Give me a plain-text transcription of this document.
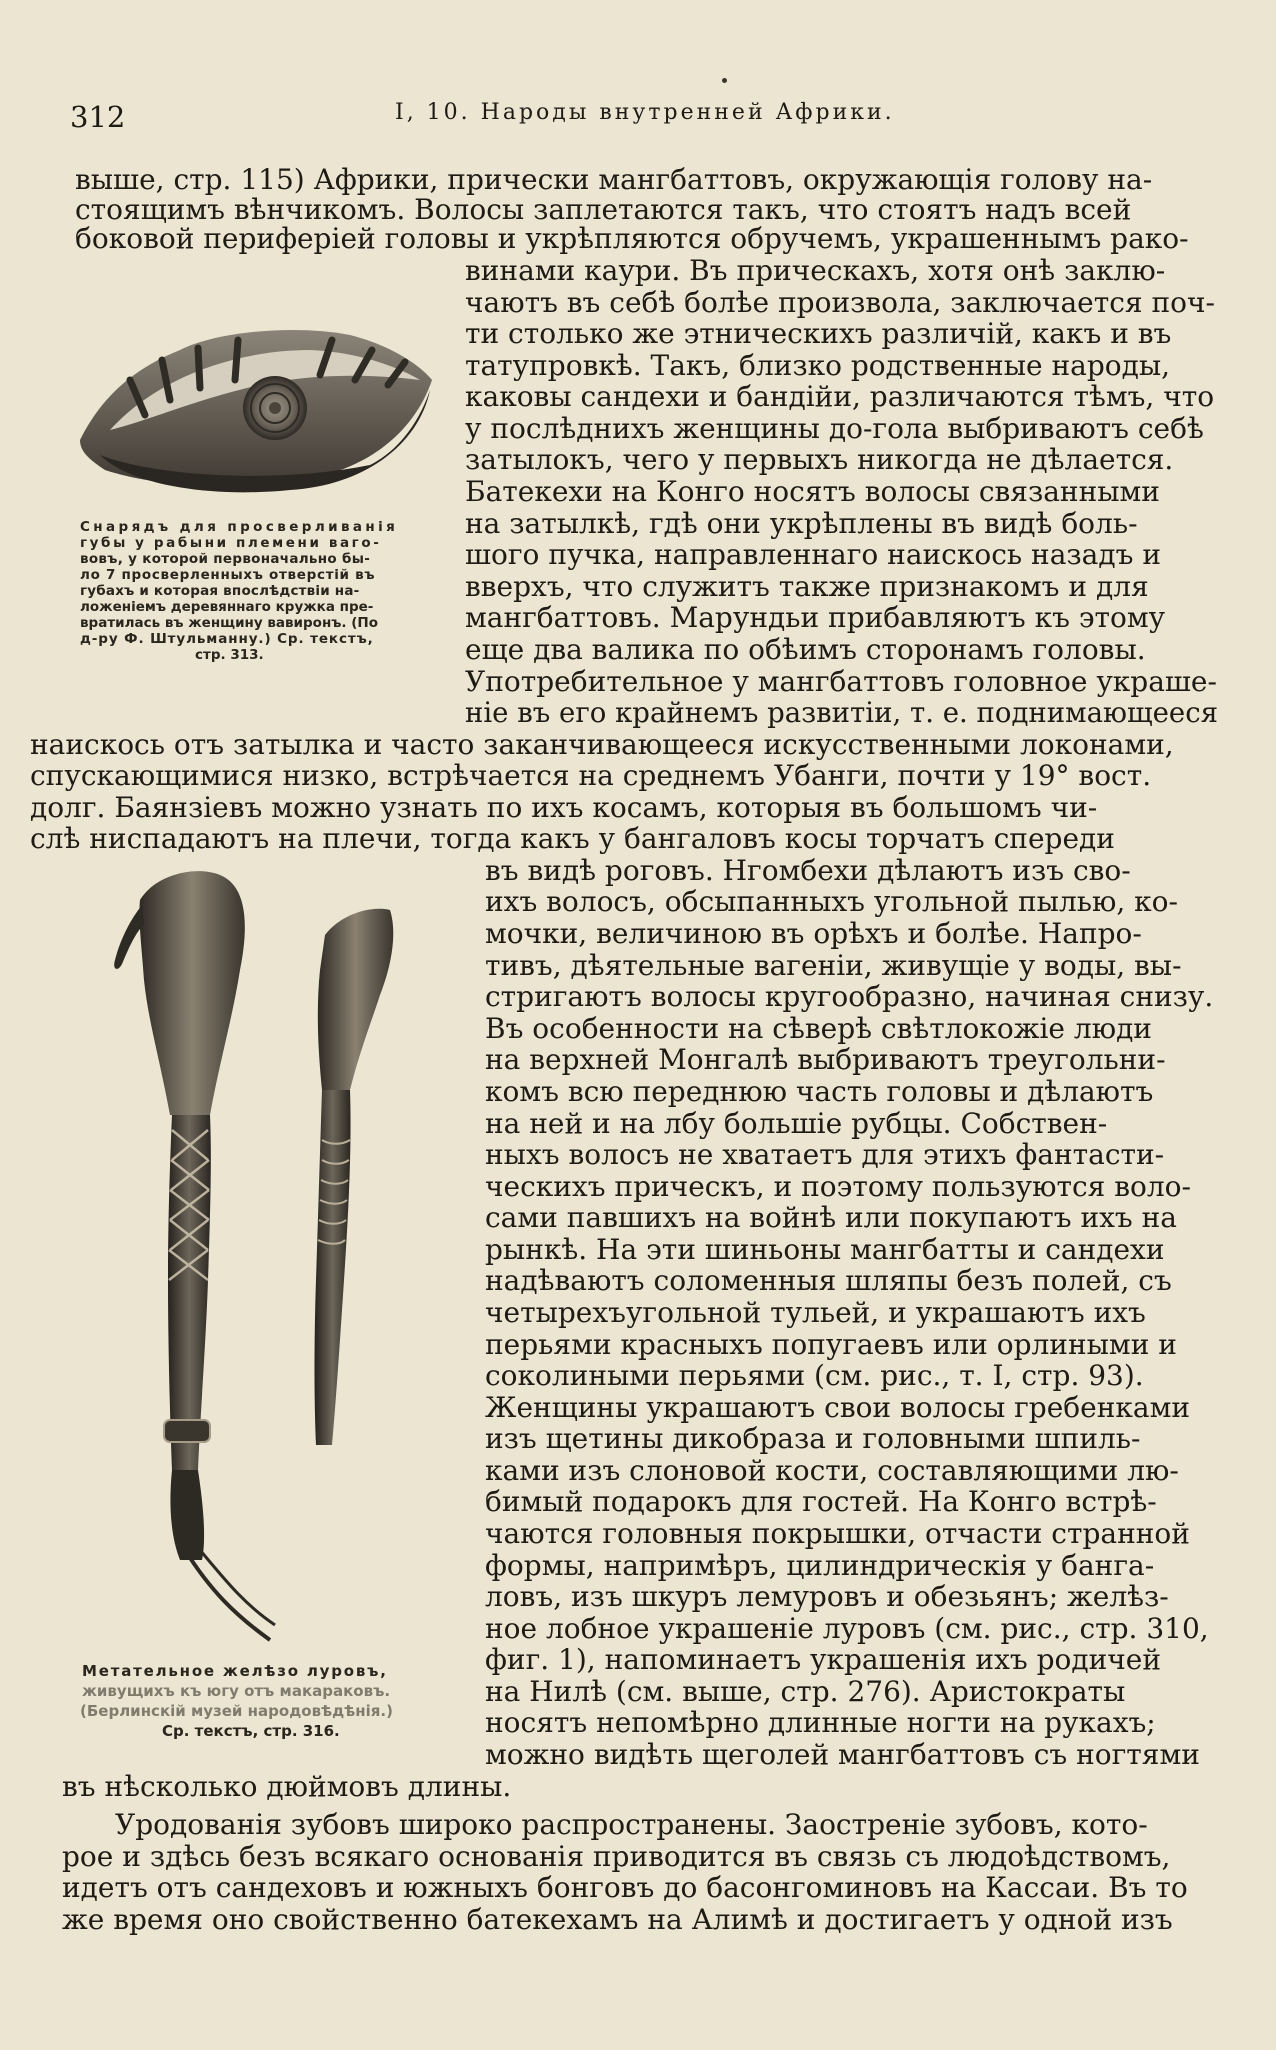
312	I, 10. Народы внутренней Африки.
Снарядъ для просверливанія
губы у рабыни племени ваго-
вовъ, у которой первоначально бы-
ло 7 просверленныхъ отверстій въ
губахъ и которая впослѣдствіи на-
ложеніемъ деревяннаго кружка пре-
вратилась въ женщину вавиронъ. (По
д-ру Ф. Штульманну.) Ср. текстъ,
стр. 313.
Метательное желѣзо луровъ,
живущихъ къ югу отъ макараковъ.
(Берлинскій музей народовѣдѣнія.)
Ср. текстъ, стр. 316.
выше, стр. 115) Африки, прически мангбаттовъ, окружающія голову на-
стоящимъ вѣнчикомъ. Волосы заплетаются такъ, что стоятъ надъ всей
боковой периферіей головы и укрѣпляются обручемъ, украшеннымъ рако-
винами каури. Въ прическахъ, хотя онѣ заклю-
чаютъ въ себѣ болѣе произвола, заключается поч-
ти столько же этническихъ различій, какъ и въ
татупровкѣ. Такъ, близко родственные народы,
каковы сандехи и бандійи, различаются тѣмъ, что
у послѣднихъ женщины до-гола выбриваютъ себѣ
затылокъ, чего у первыхъ никогда не дѣлается.
Батекехи на Конго носятъ волосы связанными
на затылкѣ, гдѣ они укрѣплены въ видѣ боль-
шого пучка, направленнаго наискось назадъ и
вверхъ, что служитъ также признакомъ и для
мангбаттовъ. Марундьи прибавляютъ къ этому
еще два валика по обѣимъ сторонамъ головы.
Употребительное у мангбаттовъ головное украше-
ніе въ его крайнемъ развитіи, т. е. поднимающееся
наискось отъ затылка и часто заканчивающееся искусственными локонами,
спускающимися низко, встрѣчается на среднемъ Убанги, почти у 19° вост.
долг. Баянзіевъ можно узнать по ихъ косамъ, которыя въ большомъ чи-
слѣ ниспадаютъ на плечи, тогда какъ у бангаловъ косы торчатъ спереди
въ видѣ роговъ. Нгомбехи дѣлаютъ изъ сво-
ихъ волосъ, обсыпанныхъ угольной пылью, ко-
мочки, величиною въ орѣхъ и болѣе. Напро-
тивъ, дѣятельные вагеніи, живущіе у воды, вы-
стригаютъ волосы кругообразно, начиная снизу.
Въ особенности на сѣверѣ свѣтлокожіе люди
на верхней Монгалѣ выбриваютъ треугольни-
комъ всю переднюю часть головы и дѣлаютъ
на ней и на лбу большіе рубцы. Собствен-
ныхъ волосъ не хватаетъ для этихъ фантасти-
ческихъ прическъ, и поэтому пользуются воло-
сами павшихъ на войнѣ или покупаютъ ихъ на
рынкѣ. На эти шиньоны мангбатты и сандехи
надѣваютъ соломенныя шляпы безъ полей, съ
четырехъугольной тульей, и украшаютъ ихъ
перьями красныхъ попугаевъ или орлиными и
соколиными перьями (см. рис., т. I, стр. 93).
Женщины украшаютъ свои волосы гребенками
изъ щетины дикобраза и головными шпиль-
ками изъ слоновой кости, составляющими лю-
бимый подарокъ для гостей. На Конго встрѣ-
чаются головныя покрышки, отчасти странной
формы, напримѣръ, цилиндрическія у банга-
ловъ, изъ шкуръ лемуровъ и обезьянъ; желѣз-
ное лобное украшеніе луровъ (см. рис., стр. 310,
фиг. 1), напоминаетъ украшенія ихъ родичей
на Нилѣ (см. выше, стр. 276). Аристократы
носятъ непомѣрно длинные ногти на рукахъ;
можно видѣть щеголей мангбаттовъ съ ногтями
въ нѣсколько дюймовъ длины.
Уродованія зубовъ широко распространены. Заостреніе зубовъ, кото-
рое и здѣсь безъ всякаго основанія приводится въ связь съ людоѣдствомъ,
идетъ отъ сандеховъ и южныхъ бонговъ до басонгоминовъ на Кассаи. Въ то
же время оно свойственно батекехамъ на Алимѣ и достигаетъ у одной изъ
